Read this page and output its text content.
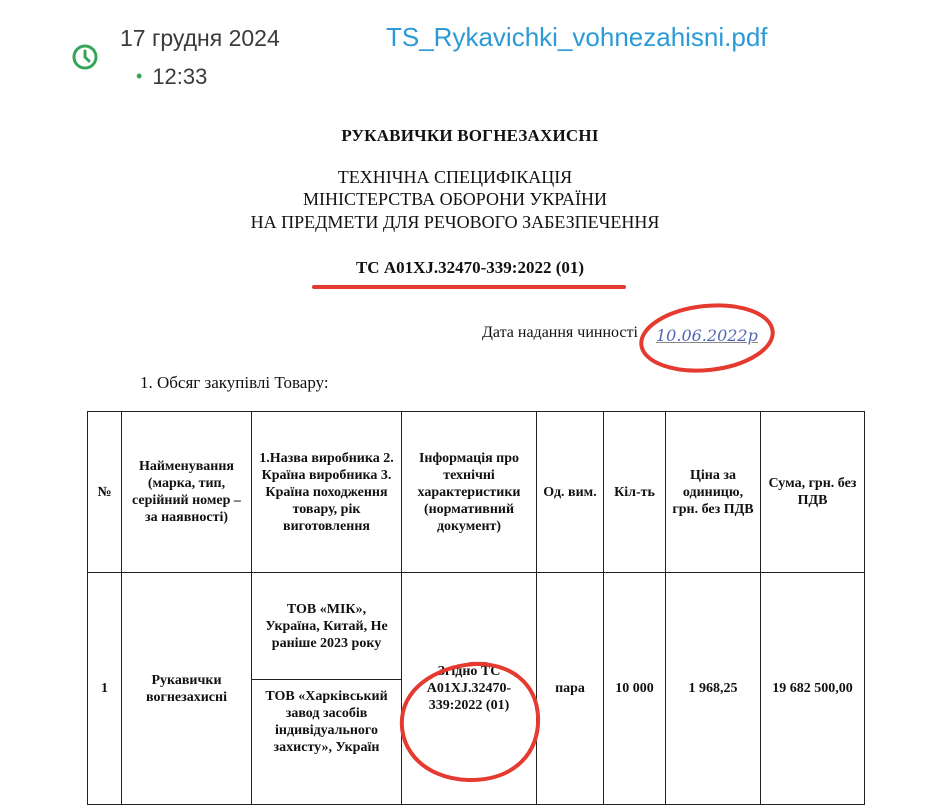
17 грудня 2024
• 12:33
TS_Rykavichki_vohnezahisni.pdf
РУКАВИЧКИ ВОГНЕЗАХИСНІ
ТЕХНІЧНА СПЕЦИФІКАЦІЯ
МІНІСТЕРСТВА ОБОРОНИ УКРАЇНИ
НА ПРЕДМЕТИ ДЛЯ РЕЧОВОГО ЗАБЕЗПЕЧЕННЯ
ТС А01XJ.32470-339:2022 (01)
Дата надання чинності 10.06.2022р
1. Обсяг закупівлі Товару:
№	Найменування (марка, тип, серійний номер – за наявності)	1.Назва виробника 2. Країна виробника 3. Країна походження товару, рік виготовлення	Інформація про технічні характеристики (нормативний документ)	Од. вим.	Кіл-ть	Ціна за одиницю, грн. без ПДВ	Сума, грн. без ПДВ

1	Рукавички вогнезахисні	ТОВ «МІК», Україна, Китай, Не раніше 2023 року	Згідно ТС А01XJ.32470-339:2022 (01)	пара	10 000	1 968,25	19 682 500,00

		ТОВ «Харківський завод засобів індивідуального захисту», Україн					
